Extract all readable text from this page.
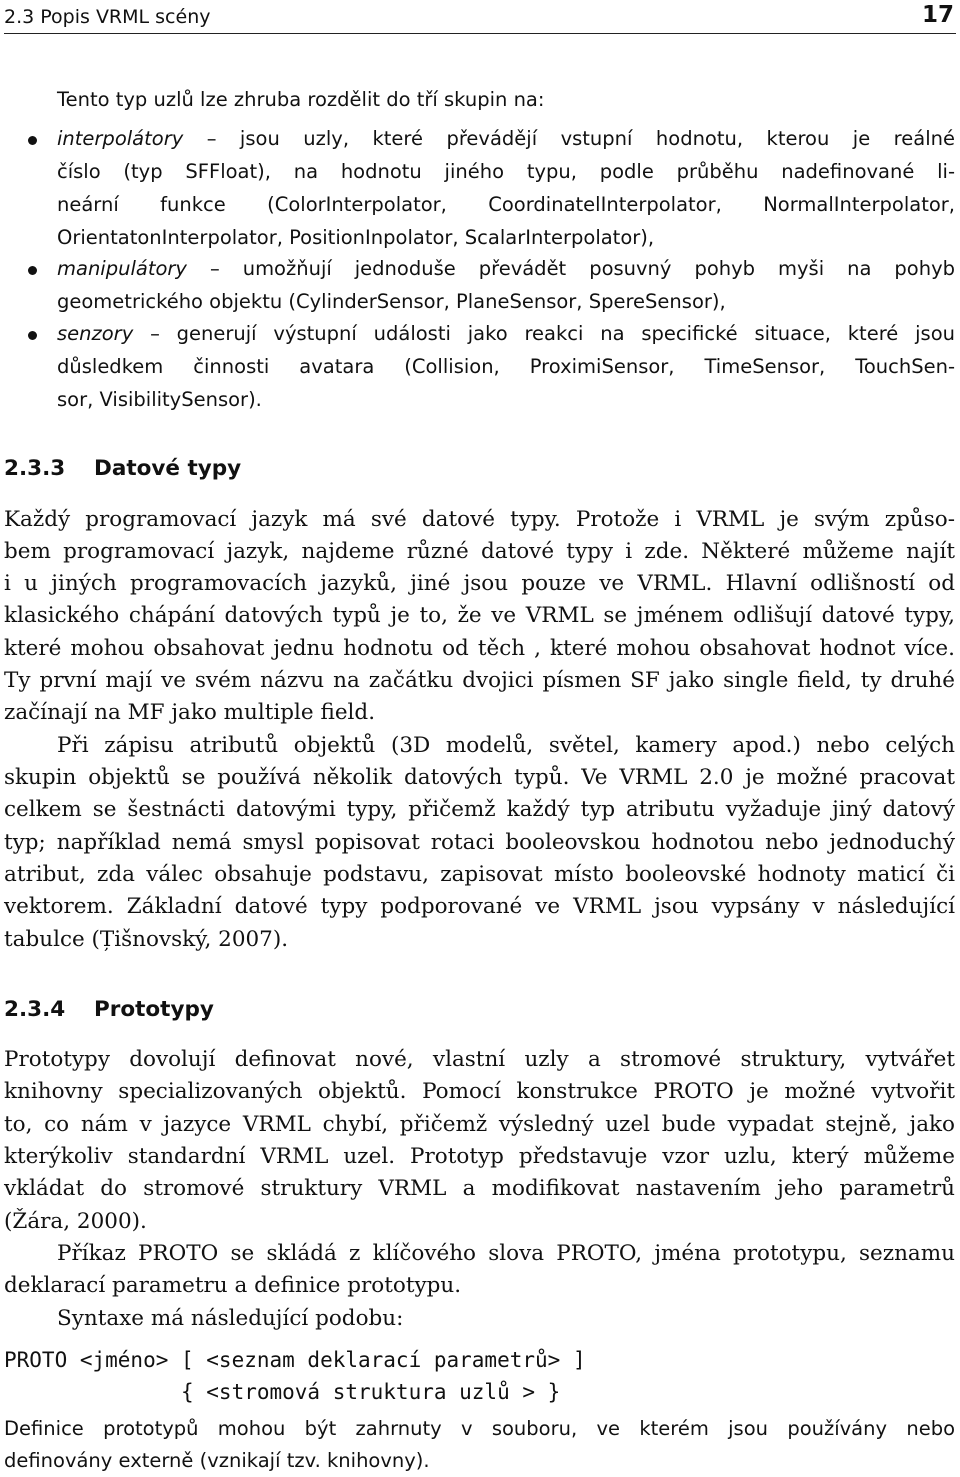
2.3 Popis VRML scény	17
Tento typ uzlů lze zhruba rozdělit do tří skupin na:
interpolátory – jsou uzly, které převádějí vstupní hodnotu, kterou je reálné
číslo (typ SFFloat), na hodnotu jiného typu, podle průběhu nadefinované li-
neární funkce (ColorInterpolator, CoordinatelInterpolator, NormalInterpolator,
OrientatonInterpolator, PositionInpolator, ScalarInterpolator),
manipulátory – umožňují jednoduše převádět posuvný pohyb myši na pohyb
geometrického objektu (CylinderSensor, PlaneSensor, SpereSensor),
senzory – generují výstupní události jako reakci na specifické situace, které jsou
důsledkem činnosti avatara (Collision, ProximiSensor, TimeSensor, TouchSen-
sor, VisibilitySensor).
2.3.3 Datové typy
Každý programovací jazyk má své datové typy. Protože i VRML je svým způso-
bem programovací jazyk, najdeme různé datové typy i zde. Některé můžeme najít
i u jiných programovacích jazyků, jiné jsou pouze ve VRML. Hlavní odlišností od
klasického chápání datových typů je to, že ve VRML se jménem odlišují datové typy,
které mohou obsahovat jednu hodnotu od těch , které mohou obsahovat hodnot více.
Ty první mají ve svém názvu na začátku dvojici písmen SF jako single field, ty druhé
začínají na MF jako multiple field.
Při zápisu atributů objektů (3D modelů, světel, kamery apod.) nebo celých
skupin objektů se používá několik datových typů. Ve VRML 2.0 je možné pracovat
celkem se šestnácti datovými typy, přičemž každý typ atributu vyžaduje jiný datový
typ; například nemá smysl popisovat rotaci booleovskou hodnotou nebo jednoduchý
atribut, zda válec obsahuje podstavu, zapisovat místo booleovské hodnoty maticí či
vektorem. Základní datové typy podporované ve VRML jsou vypsány v následující
tabulce (Țišnovský, 2007).
2.3.4 Prototypy
Prototypy dovolují definovat nové, vlastní uzly a stromové struktury, vytvářet
knihovny specializovaných objektů. Pomocí konstrukce PROTO je možné vytvořit
to, co nám v jazyce VRML chybí, přičemž výsledný uzel bude vypadat stejně, jako
kterýkoliv standardní VRML uzel. Prototyp představuje vzor uzlu, který můžeme
vkládat do stromové struktury VRML a modifikovat nastavením jeho parametrů
(Žára, 2000).
Příkaz PROTO se skládá z klíčového slova PROTO, jména prototypu, seznamu
deklarací parametru a definice prototypu.
Syntaxe má následující podobu:
PROTO <jméno> [ <seznam deklarací parametrů> ]
{ <stromová struktura uzlů > }
Definice prototypů mohou být zahrnuty v souboru, ve kterém jsou používány nebo
definovány externě (vznikají tzv. knihovny).
